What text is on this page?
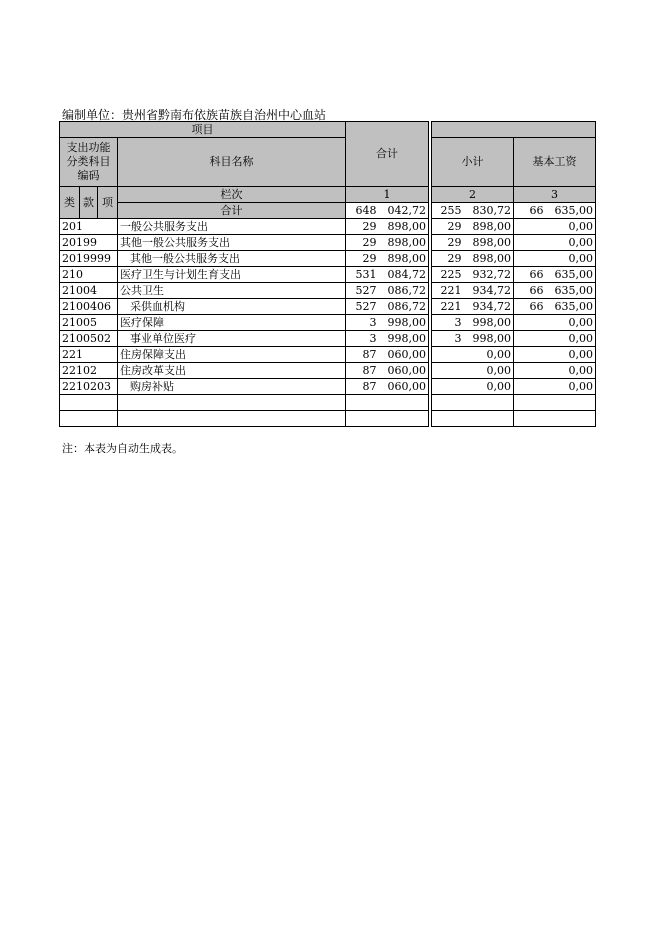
编制单位：贵州省黔南布依族苗族自治州中心血站
项目				合计			
支出功能分类科目编码			科目名称			小计	基本工资

类	款	项	栏次	1		2	3
			合计	648　042,72		255　830,72	66　635,00
201			一般公共服务支出	29　898,00		29　898,00	0,00
20199			其他一般公共服务支出	29　898,00		29　898,00	0,00
2019999			其他一般公共服务支出	29　898,00		29　898,00	0,00
210			医疗卫生与计划生育支出	531　084,72		225　932,72	66　635,00
21004			公共卫生	527　086,72		221　934,72	66　635,00
2100406			采供血机构	527　086,72		221　934,72	66　635,00
21005			医疗保障	3　998,00		3　998,00	0,00
2100502			事业单位医疗	3　998,00		3　998,00	0,00
221			住房保障支出	87　060,00		0,00	0,00
22102			住房改革支出	87　060,00		0,00	0,00
2210203			购房补贴	87　060,00		0,00	0,00

注：本表为自动生成表。
